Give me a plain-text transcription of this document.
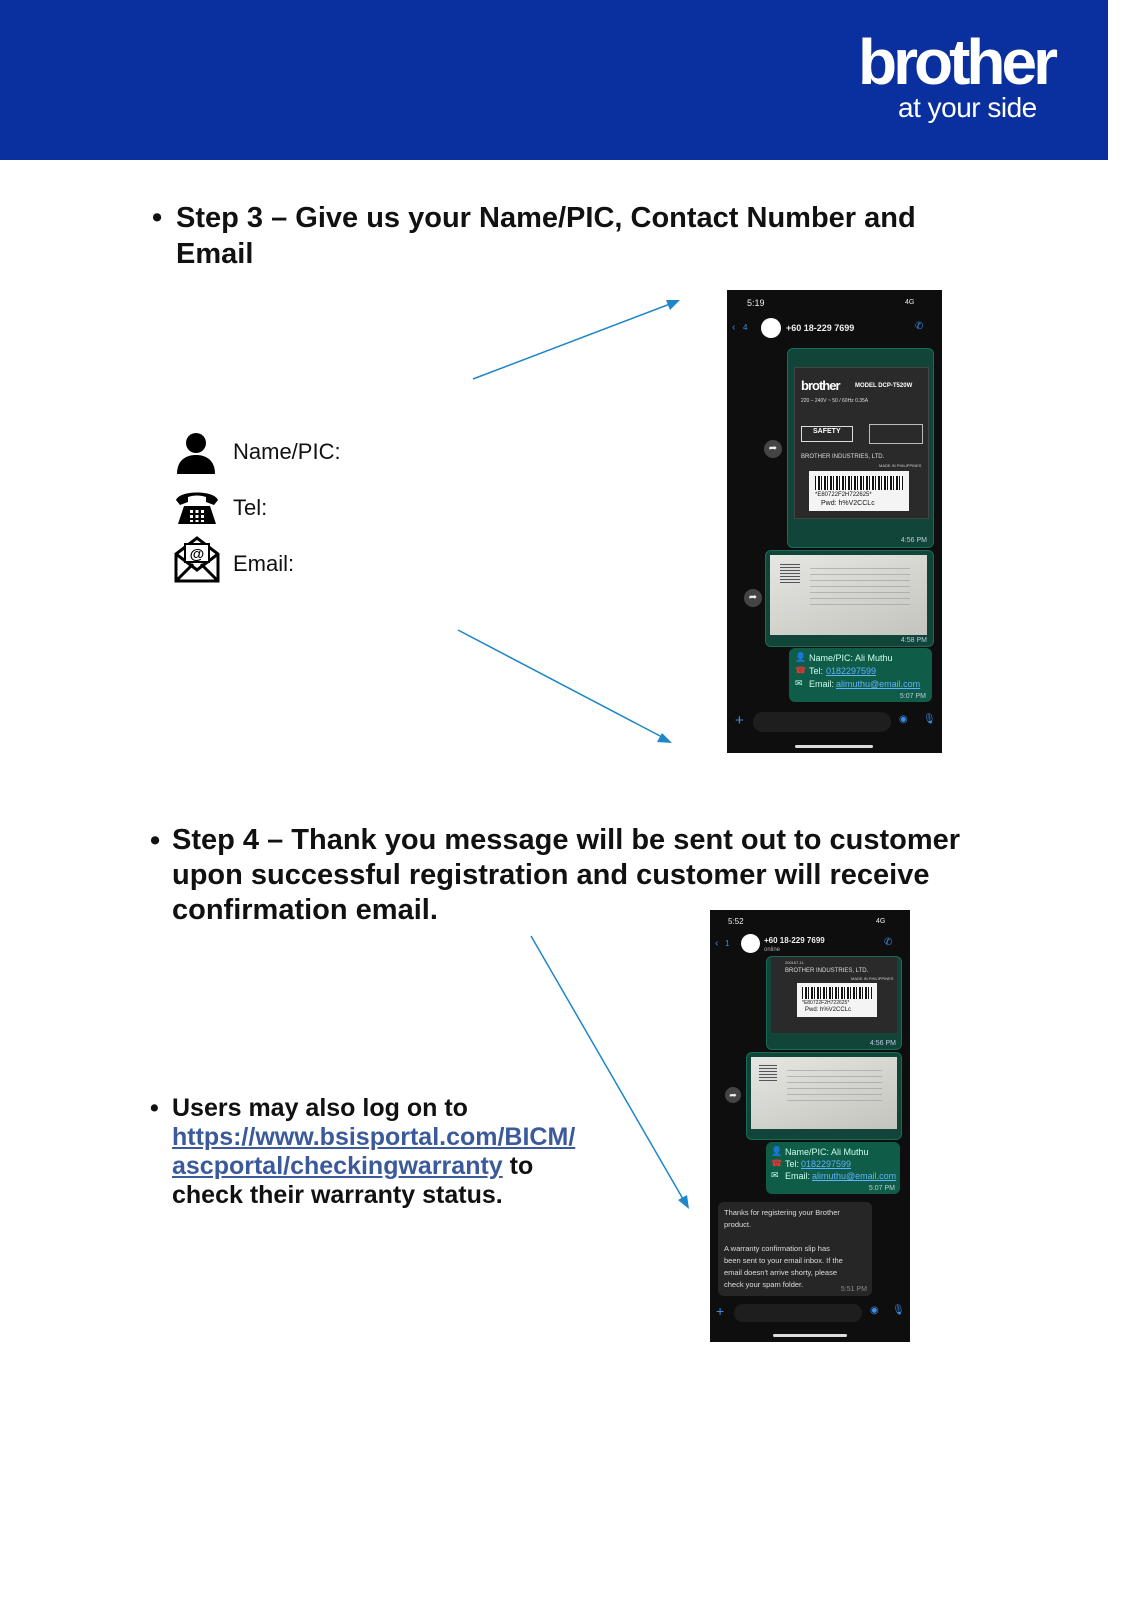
brother
at your side
• Step 3 – Give us your Name/PIC, Contact Number and
Email
Name/PIC:
Tel:
@ Email:
5:19	4G
‹ 4	+60 18-229 7699	✆
brother	MODEL DCP-T520W
220 – 240V ~ 50 / 60Hz 0.35A
SAFETY
BROTHER INDUSTRIES, LTD.
MADE IN PHILIPPINES
*E80722F2H722625*
Pwd: h%V2CCLc
4:56 PM
➦
4:58 PM
➦
👤 Name/PIC: Ali Muthu
☎ Tel: 0182297599
✉ Email: alimuthu@email.com
5:07 PM
+	◉ 🎙
• Step 4 – Thank you message will be sent out to customer
upon successful registration and customer will receive
confirmation email.
• Users may also log on to
https://www.bsisportal.com/BICM/
ascportal/checkingwarranty to
check their warranty status.
5:52	4G
‹ 1	+60 18-229 7699
online
✆
200167-11
BROTHER INDUSTRIES, LTD.
MADE IN PHILIPPINES
*E80722F2H722625*
Pwd: h%V2CCLc
4:56 PM
➦
👤 Name/PIC: Ali Muthu
☎ Tel: 0182297599
✉ Email: alimuthu@email.com
5:07 PM
Thanks for registering your Brother
product.
A warranty confirmation slip has
been sent to your email inbox. If the
email doesn't arrive shorty, please
check your spam folder.
5:51 PM
+	◉ 🎙
